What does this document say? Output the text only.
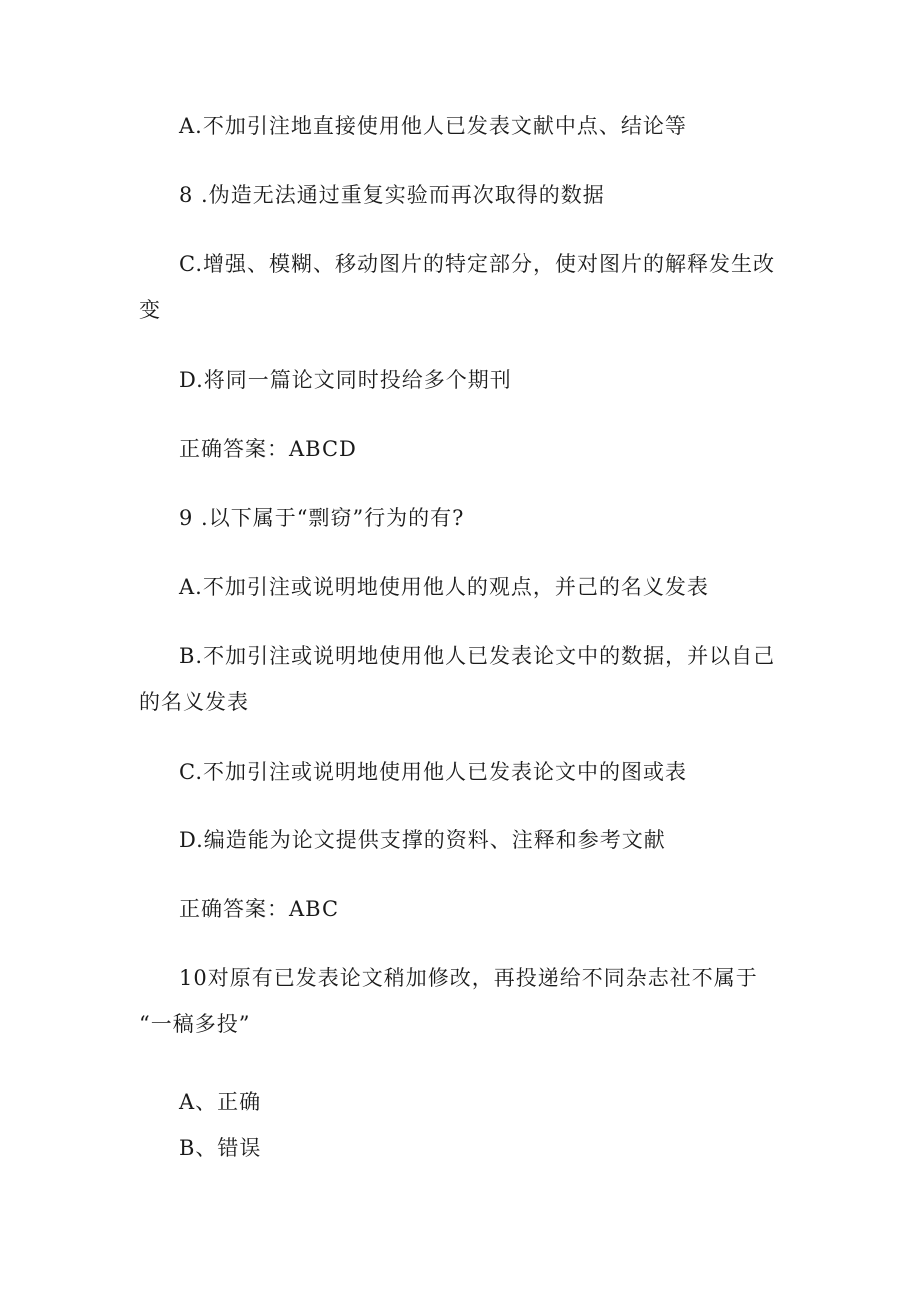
A.不加引注地直接使用他人已发表文献中点、结论等
8 .伪造无法通过重复实验而再次取得的数据
C.增强、模糊、移动图片的特定部分，使对图片的解释发生改
变
D.将同一篇论文同时投给多个期刊
正确答案：ABCD
9 .以下属于“剽窃”行为的有?
A.不加引注或说明地使用他人的观点，并己的名义发表
B.不加引注或说明地使用他人已发表论文中的数据，并以自己
的名义发表
C.不加引注或说明地使用他人已发表论文中的图或表
D.编造能为论文提供支撑的资料、注释和参考文献
正确答案：ABC
10对原有已发表论文稍加修改，再投递给不同杂志社不属于
“一稿多投”
A、正确
B、错误
